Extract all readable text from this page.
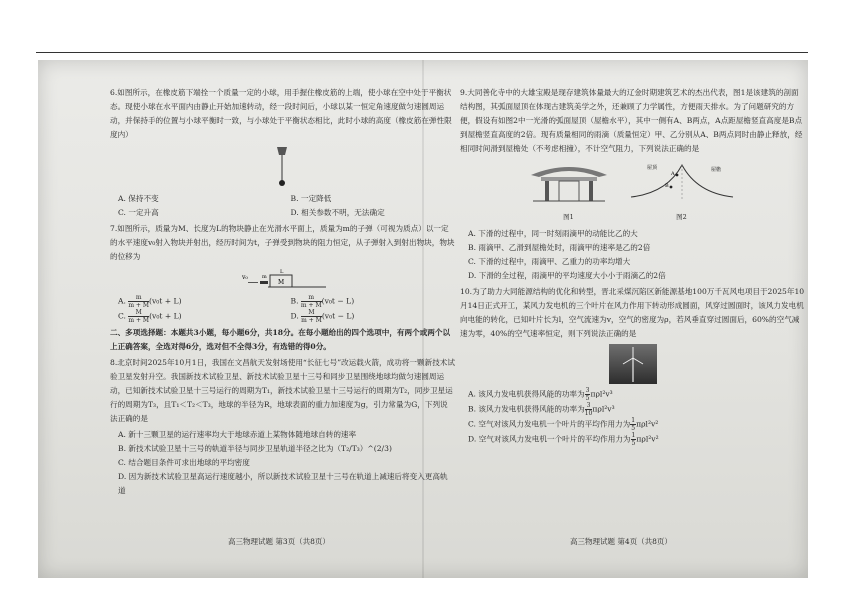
6.如图所示，在橡皮筋下端拴一个质量一定的小球，用手握住橡皮筋的上端，使小球在空中处于平衡状态。现使小球在水平面内由静止开始加速转动，经一段时间后，小球以某一恒定角速度做匀速圆周运动，并保持手的位置与小球平衡时一致，与小球处于平衡状态相比，此时小球的高度（橡皮筋在弹性限度内）

A. 保持不变	B. 一定降低
C. 一定升高	D. 相关参数不明，无法确定

7.如图所示，质量为M、长度为L的物块静止在光滑水平面上，质量为m的子弹（可视为质点）以一定的水平速度v₀射入物块并射出，经历时间为t，子弹受到物块的阻力恒定，从子弹射入到射出物块，物块的位移为

v₀	m
M
L
A. $\frac{m}{m + M} (v_0t + L)$	B. $\frac{m}{m + M} (v_0t - L)$
C. $\frac{M}{m + M} (v_0t + L)$	D. $\frac{M}{m + M} (v_0t - L)$

二、多项选择题：本题共3小题，每小题6分，共18分。在每小题给出的四个选项中，有两个或两个以上正确答案，全选对得6分，选对但不全得3分，有选错的得0分。

8.北京时间2025年10月1日，我国在文昌航天发射场使用“长征七号”改运载火箭，成功将一颗新技术试验卫星发射升空。我国新技术试验卫星、新技术试验卫星十三号和同步卫星围绕地球均做匀速圆周运动，已知新技术试验卫星十三号运行的周期为T₁，新技术试验卫星十三号运行的周期为T₂，同步卫星运行的周期为T₃，且T₁＜T₂＜T₃，地球的半径为R，地球表面的重力加速度为g，引力常量为G，下列说法正确的是

A. 新十三颗卫星的运行速率均大于地球赤道上某物体随地球自转的速率
B. 新技术试验卫星十三号的轨道半径与同步卫星轨道半径之比为（T₂/T₃）^(2/3)
C. 结合题目条件可求出地球的平均密度
D. 因为新技术试验卫星高运行速度越小，所以新技术试验卫星十三号在轨道上减速后将变入更高轨道
高三物理试题 第3页（共8页）

9.大同善化寺中的大雄宝殿是现存建筑体量最大的辽金时期建筑艺术的杰出代表，图1是该建筑的剖面结构图，其弧面屋顶在体现古建筑美学之外，还兼顾了力学属性，方便雨天排水。为了问题研究的方便，假设有如图2中一光滑的弧面屋顶（屋檐水平），其中一侧有A、B两点，A点距屋檐竖直高度是B点到屋檐竖直高度的2倍。现有质量相同的雨滴（质量恒定）甲、乙分别从A、B两点同时由静止释放，经相同时间滑到屋檐处（不考虑相撞），不计空气阻力，下列说法正确的是

图1
A
B
屋顶	屋檐
图2
A. 下滑的过程中，同一时刻雨滴甲的动能比乙的大
B. 雨滴甲、乙滑到屋檐处时，雨滴甲的速率是乙的2倍
C. 下滑的过程中，雨滴甲、乙重力的功率均增大
D. 下滑的全过程，雨滴甲的平均速度大小小于雨滴乙的2倍

10.为了助力大同能源结构的优化和转型，晋北采煤沉陷区新能源基地100万千瓦风电项目于2025年10月14日正式开工，某风力发电机的三个叶片在风力作用下转动形成圆面，风穿过圆面时，该风力发电机向电能的转化，已知叶片长为l，空气流速为v，空气的密度为ρ，若风垂直穿过圆面后，60%的空气减速为零，40%的空气速率恒定，则下列说法正确的是

A. 该风力发电机获得风能的功率为 $\frac{3}{5} \pi\rho l^2v^3$
B. 该风力发电机获得风能的功率为 $\frac{3}{10} \pi\rho l^2v^3$
C. 空气对该风力发电机一个叶片的平均作用力为 $\frac{1}{5} \pi\rho l^2v^2$
D. 空气对该风力发电机一个叶片的平均作用力为 $\frac{1}{5} \pi\rho l^2v^2$
高三物理试题 第4页（共8页）
